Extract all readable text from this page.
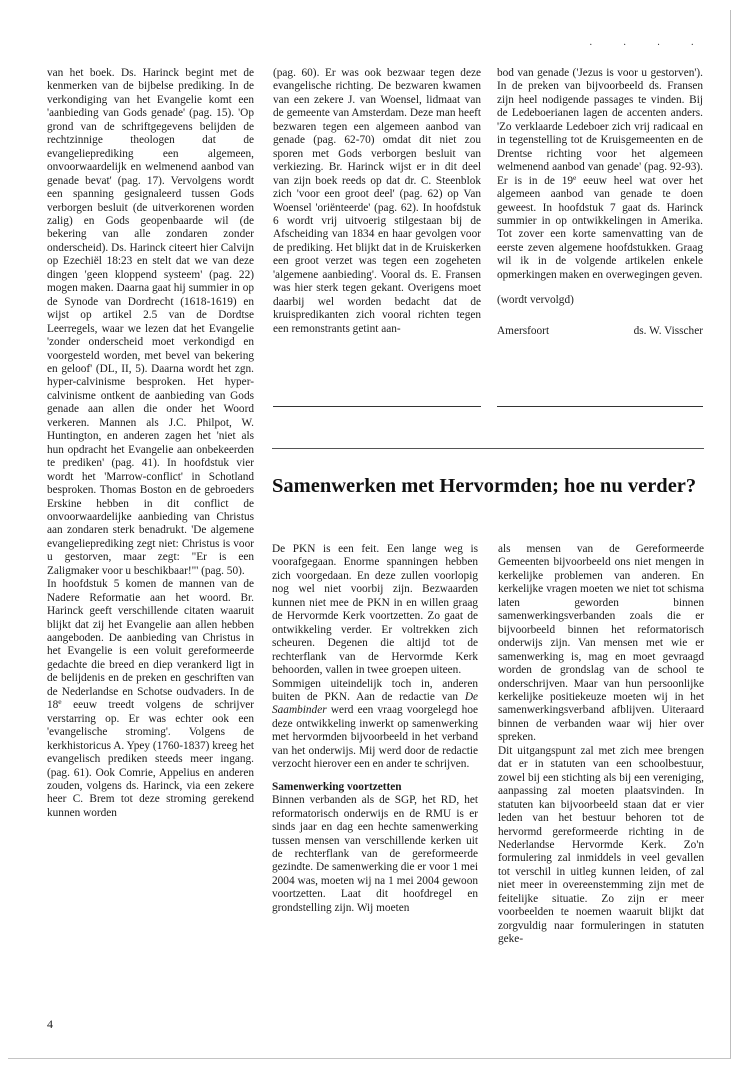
· · · ·

van het boek. Ds. Harinck begint met de kenmerken van de bijbelse prediking. In de verkondiging van het Evangelie komt een 'aanbieding van Gods genade' (pag. 15). 'Op grond van de schriftgegevens belijden de rechtzinnige theologen dat de evangelieprediking een algemeen, onvoorwaardelijk en welmenend aanbod van genade bevat' (pag. 17). Vervolgens wordt een spanning gesignaleerd tussen Gods verborgen besluit (de uitverkorenen worden zalig) en Gods geopenbaarde wil (de bekering van alle zondaren zonder onderscheid). Ds. Harinck citeert hier Calvijn op Ezechiël 18:23 en stelt dat we van deze dingen 'geen kloppend systeem' (pag. 22) mogen maken. Daarna gaat hij summier in op de Synode van Dordrecht (1618-1619) en wijst op artikel 2.5 van de Dordtse Leerregels, waar we lezen dat het Evangelie 'zonder onderscheid moet verkondigd en voorgesteld worden, met bevel van bekering en geloof' (DL, II, 5). Daarna wordt het zgn. hyper-calvinisme besproken. Het hyper-calvinisme ontkent de aanbieding van Gods genade aan allen die onder het Woord verkeren. Mannen als J.C. Philpot, W. Huntington, en anderen zagen het 'niet als hun opdracht het Evangelie aan onbekeerden te prediken' (pag. 41). In hoofdstuk vier wordt het 'Marrow-conflict' in Schotland besproken. Thomas Boston en de gebroeders Erskine hebben in dit conflict de onvoorwaardelijke aanbieding van Christus aan zondaren sterk benadrukt. 'De algemene evangelieprediking zegt niet: Christus is voor u gestorven, maar zegt: "Er is een Zaligmaker voor u beschikbaar!"' (pag. 50).

In hoofdstuk 5 komen de mannen van de Nadere Reformatie aan het woord. Br. Harinck geeft verschillende citaten waaruit blijkt dat zij het Evangelie aan allen hebben aangeboden. De aanbieding van Christus in het Evangelie is een voluit gereformeerde gedachte die breed en diep verankerd ligt in de belijdenis en de preken en geschriften van de Nederlandse en Schotse oudvaders. In de 18e eeuw treedt volgens de schrijver verstarring op. Er was echter ook een 'evangelische stroming'. Volgens de kerkhistoricus A. Ypey (1760-1837) kreeg het evangelisch prediken steeds meer ingang. (pag. 61). Ook Comrie, Appelius en anderen zouden, volgens ds. Harinck, via een zekere heer C. Brem tot deze stroming gerekend kunnen worden

(pag. 60). Er was ook bezwaar tegen deze evangelische richting. De bezwaren kwamen van een zekere J. van Woensel, lidmaat van de gemeente van Amsterdam. Deze man heeft bezwaren tegen een algemeen aanbod van genade (pag. 62-70) omdat dit niet zou sporen met Gods verborgen besluit van verkiezing. Br. Harinck wijst er in dit deel van zijn boek reeds op dat dr. C. Steenblok zich 'voor een groot deel' (pag. 62) op Van Woensel 'oriënteerde' (pag. 62). In hoofdstuk 6 wordt vrij uitvoerig stilgestaan bij de Afscheiding van 1834 en haar gevolgen voor de prediking. Het blijkt dat in de Kruiskerken een groot verzet was tegen een zogeheten 'algemene aanbieding'. Vooral ds. E. Fransen was hier sterk tegen gekant. Overigens moet daarbij wel worden bedacht dat de kruispredikanten zich vooral richten tegen een remonstrants getint aan-

bod van genade ('Jezus is voor u gestorven'). In de preken van bijvoorbeeld ds. Fransen zijn heel nodigende passages te vinden. Bij de Ledeboerianen lagen de accenten anders. 'Zo verklaarde Ledeboer zich vrij radicaal en in tegenstelling tot de Kruisgemeenten en de Drentse richting voor het algemeen welmenend aanbod van genade' (pag. 92-93). Er is in de 19e eeuw heel wat over het algemeen aanbod van genade te doen geweest. In hoofdstuk 7 gaat ds. Harinck summier in op ontwikkelingen in Amerika. Tot zover een korte samenvatting van de eerste zeven algemene hoofdstukken. Graag wil ik in de volgende artikelen enkele opmerkingen maken en overwegingen geven.

(wordt vervolgd)

Amersfoort	ds. W. Visscher

Samenwerken met Hervormden; hoe nu verder?

De PKN is een feit. Een lange weg is voorafgegaan. Enorme spanningen hebben zich voorgedaan. En deze zullen voorlopig nog wel niet voorbij zijn. Bezwaarden kunnen niet mee de PKN in en willen graag de Hervormde Kerk voortzetten. Zo gaat de ontwikkeling verder. Er voltrekken zich scheuren. Degenen die altijd tot de rechterflank van de Hervormde Kerk behoorden, vallen in twee groepen uiteen.

Sommigen uiteindelijk toch in, anderen buiten de PKN. Aan de redactie van De Saambinder werd een vraag voorgelegd hoe deze ontwikkeling inwerkt op samenwerking met hervormden bijvoorbeeld in het verband van het onderwijs. Mij werd door de redactie verzocht hierover een en ander te schrijven.

Samenwerking voortzetten

Binnen verbanden als de SGP, het RD, het reformatorisch onderwijs en de RMU is er sinds jaar en dag een hechte samenwerking tussen mensen van verschillende kerken uit de rechterflank van de gereformeerde gezindte. De samenwerking die er voor 1 mei 2004 was, moeten wij na 1 mei 2004 gewoon voortzetten. Laat dit hoofdregel en grondstelling zijn. Wij moeten

als mensen van de Gereformeerde Gemeenten bijvoorbeeld ons niet mengen in kerkelijke problemen van anderen. En kerkelijke vragen moeten we niet tot schisma laten geworden binnen samenwerkingsverbanden zoals die er bijvoorbeeld binnen het reformatorisch onderwijs zijn. Van mensen met wie er samenwerking is, mag en moet gevraagd worden de grondslag van de school te onderschrijven. Maar van hun persoonlijke kerkelijke positiekeuze moeten wij in het samenwerkingsverband afblijven. Uiteraard binnen de verbanden waar wij hier over spreken.

Dit uitgangspunt zal met zich mee brengen dat er in statuten van een schoolbestuur, zowel bij een stichting als bij een vereniging, aanpassing zal moeten plaatsvinden. In statuten kan bijvoorbeeld staan dat er vier leden van het bestuur behoren tot de hervormd gereformeerde richting in de Nederlandse Hervormde Kerk. Zo'n formulering zal inmiddels in veel gevallen tot verschil in uitleg kunnen leiden, of zal niet meer in overeenstemming zijn met de feitelijke situatie. Zo zijn er meer voorbeelden te noemen waaruit blijkt dat zorgvuldig naar formuleringen in statuten geke-

4
